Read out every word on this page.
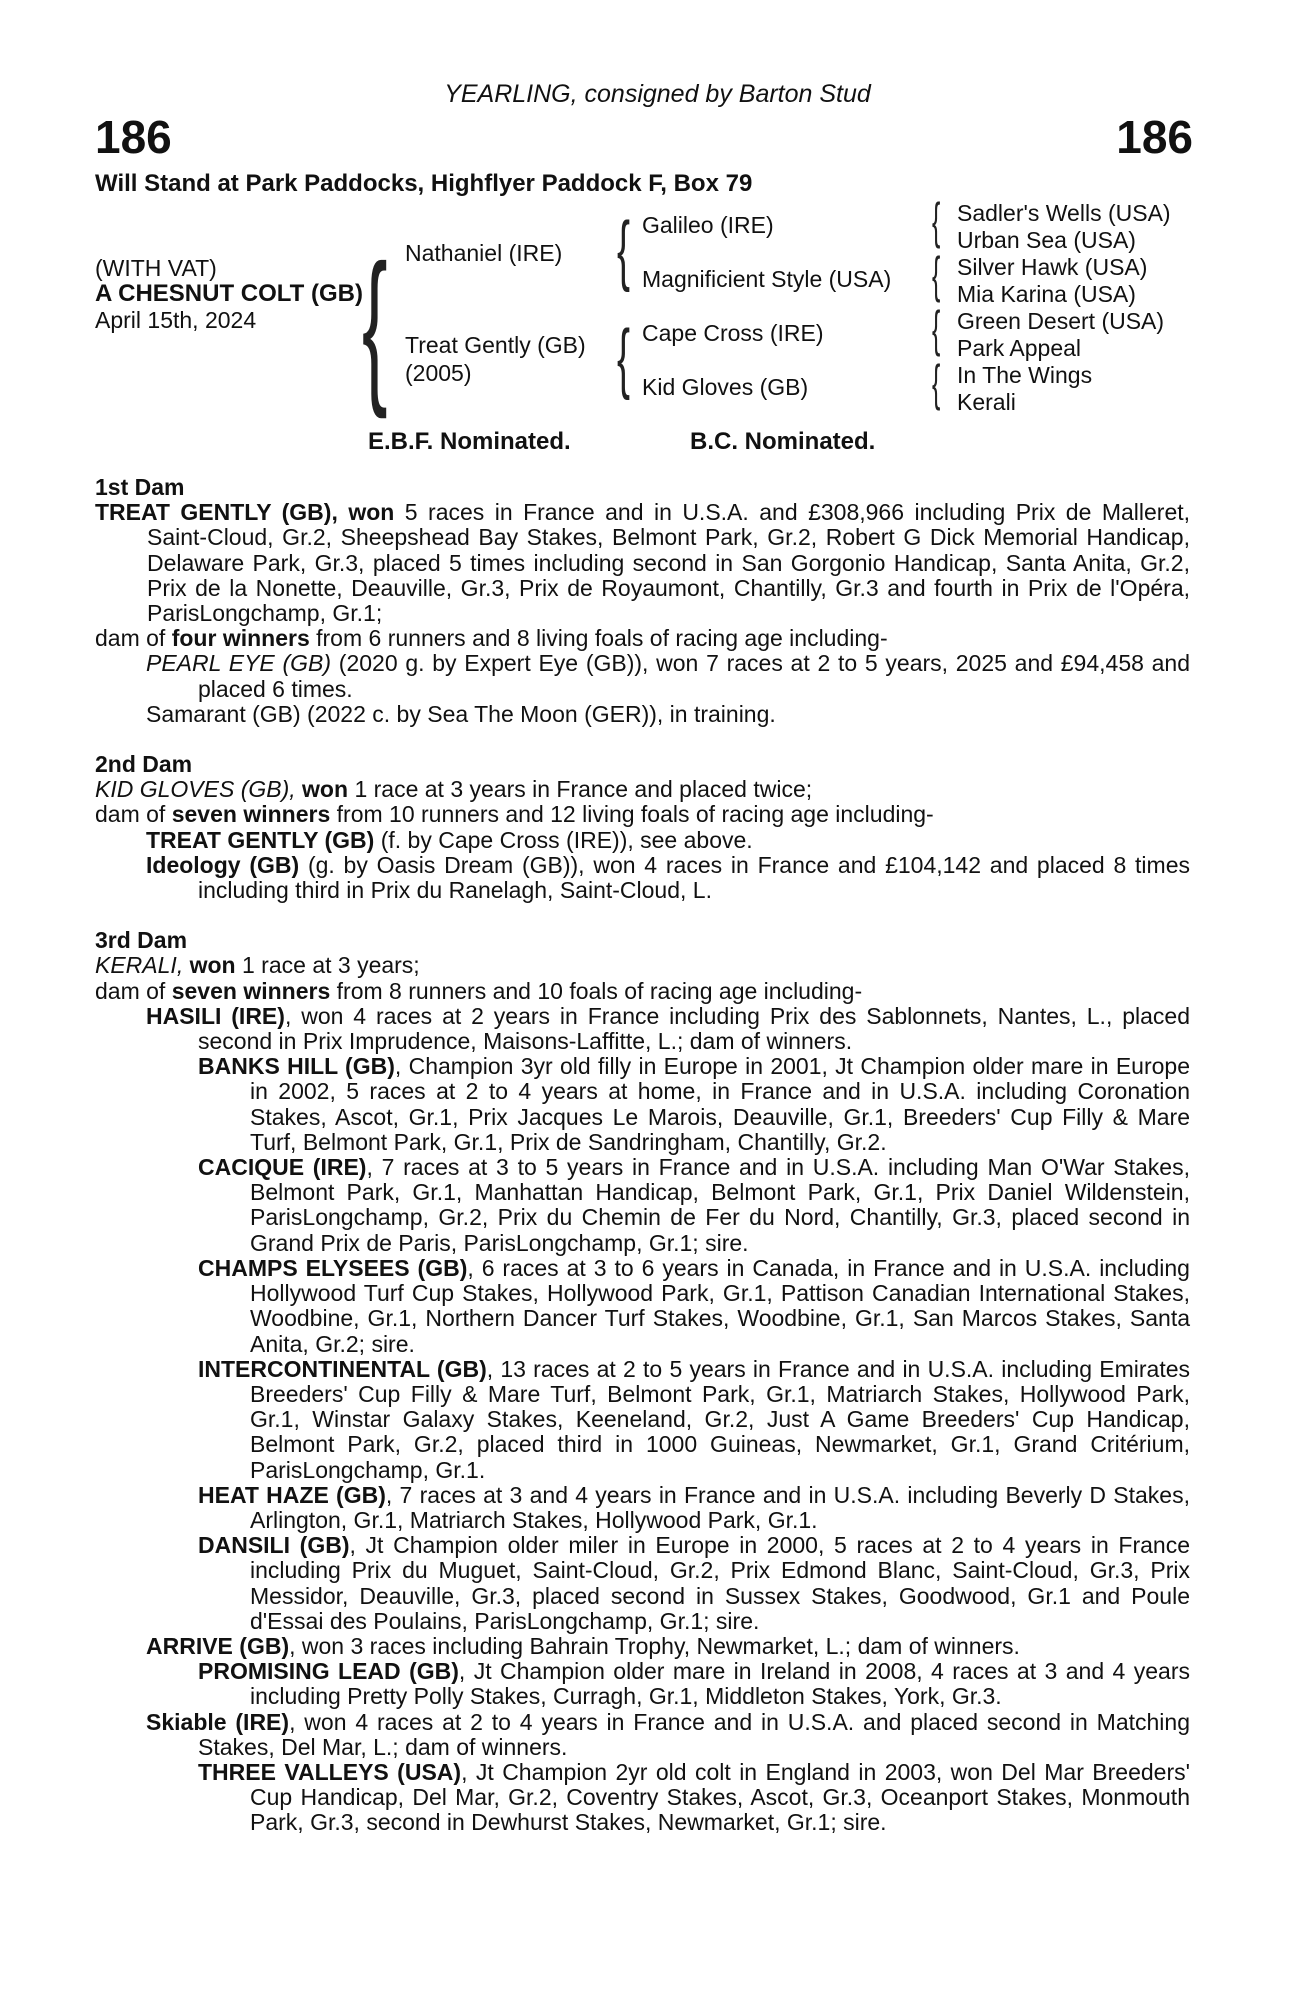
YEARLING, consigned by Barton Stud
186	186
Will Stand at Park Paddocks, Highflyer Paddock F, Box 79
(WITH VAT)
A CHESNUT COLT (GB)
April 15th, 2024 { Nathaniel (IRE)
Treat Gently (GB)
(2005)
{ Galileo (IRE)
Magnificient Style (USA)
{ Cape Cross (IRE)
Kid Gloves (GB)
{
{
{
{
Sadler's Wells (USA)
Urban Sea (USA)
Silver Hawk (USA)
Mia Karina (USA)
Green Desert (USA)
Park Appeal
In The Wings
Kerali
E.B.F. Nominated.	B.C. Nominated.
1st Dam
TREAT GENTLY (GB), won 5 races in France and in U.S.A. and £308,966 including Prix de Malleret, Saint-Cloud, Gr.2, Sheepshead Bay Stakes, Belmont Park, Gr.2, Robert G Dick Memorial Handicap, Delaware Park, Gr.3, placed 5 times including second in San Gorgonio Handicap, Santa Anita, Gr.2, Prix de la Nonette, Deauville, Gr.3, Prix de Royaumont, Chantilly, Gr.3 and fourth in Prix de l'Opéra, ParisLongchamp, Gr.1;
dam of four winners from 6 runners and 8 living foals of racing age including-
PEARL EYE (GB) (2020 g. by Expert Eye (GB)), won 7 races at 2 to 5 years, 2025 and £94,458 and placed 6 times.
Samarant (GB) (2022 c. by Sea The Moon (GER)), in training.
2nd Dam
KID GLOVES (GB), won 1 race at 3 years in France and placed twice;
dam of seven winners from 10 runners and 12 living foals of racing age including-
TREAT GENTLY (GB) (f. by Cape Cross (IRE)), see above.
Ideology (GB) (g. by Oasis Dream (GB)), won 4 races in France and £104,142 and placed 8 times including third in Prix du Ranelagh, Saint-Cloud, L.
3rd Dam
KERALI, won 1 race at 3 years;
dam of seven winners from 8 runners and 10 foals of racing age including-
HASILI (IRE), won 4 races at 2 years in France including Prix des Sablonnets, Nantes, L., placed second in Prix Imprudence, Maisons-Laffitte, L.; dam of winners.
BANKS HILL (GB), Champion 3yr old filly in Europe in 2001, Jt Champion older mare in Europe in 2002, 5 races at 2 to 4 years at home, in France and in U.S.A. including Coronation Stakes, Ascot, Gr.1, Prix Jacques Le Marois, Deauville, Gr.1, Breeders' Cup Filly & Mare Turf, Belmont Park, Gr.1, Prix de Sandringham, Chantilly, Gr.2.
CACIQUE (IRE), 7 races at 3 to 5 years in France and in U.S.A. including Man O'War Stakes, Belmont Park, Gr.1, Manhattan Handicap, Belmont Park, Gr.1, Prix Daniel Wildenstein, ParisLongchamp, Gr.2, Prix du Chemin de Fer du Nord, Chantilly, Gr.3, placed second in Grand Prix de Paris, ParisLongchamp, Gr.1; sire.
CHAMPS ELYSEES (GB), 6 races at 3 to 6 years in Canada, in France and in U.S.A. including Hollywood Turf Cup Stakes, Hollywood Park, Gr.1, Pattison Canadian International Stakes, Woodbine, Gr.1, Northern Dancer Turf Stakes, Woodbine, Gr.1, San Marcos Stakes, Santa Anita, Gr.2; sire.
INTERCONTINENTAL (GB), 13 races at 2 to 5 years in France and in U.S.A. including Emirates Breeders' Cup Filly & Mare Turf, Belmont Park, Gr.1, Matriarch Stakes, Hollywood Park, Gr.1, Winstar Galaxy Stakes, Keeneland, Gr.2, Just A Game Breeders' Cup Handicap, Belmont Park, Gr.2, placed third in 1000 Guineas, Newmarket, Gr.1, Grand Critérium, ParisLongchamp, Gr.1.
HEAT HAZE (GB), 7 races at 3 and 4 years in France and in U.S.A. including Beverly D Stakes, Arlington, Gr.1, Matriarch Stakes, Hollywood Park, Gr.1.
DANSILI (GB), Jt Champion older miler in Europe in 2000, 5 races at 2 to 4 years in France including Prix du Muguet, Saint-Cloud, Gr.2, Prix Edmond Blanc, Saint-Cloud, Gr.3, Prix Messidor, Deauville, Gr.3, placed second in Sussex Stakes, Goodwood, Gr.1 and Poule d'Essai des Poulains, ParisLongchamp, Gr.1; sire.
ARRIVE (GB), won 3 races including Bahrain Trophy, Newmarket, L.; dam of winners.
PROMISING LEAD (GB), Jt Champion older mare in Ireland in 2008, 4 races at 3 and 4 years including Pretty Polly Stakes, Curragh, Gr.1, Middleton Stakes, York, Gr.3.
Skiable (IRE), won 4 races at 2 to 4 years in France and in U.S.A. and placed second in Matching Stakes, Del Mar, L.; dam of winners.
THREE VALLEYS (USA), Jt Champion 2yr old colt in England in 2003, won Del Mar Breeders' Cup Handicap, Del Mar, Gr.2, Coventry Stakes, Ascot, Gr.3, Oceanport Stakes, Monmouth Park, Gr.3, second in Dewhurst Stakes, Newmarket, Gr.1; sire.
